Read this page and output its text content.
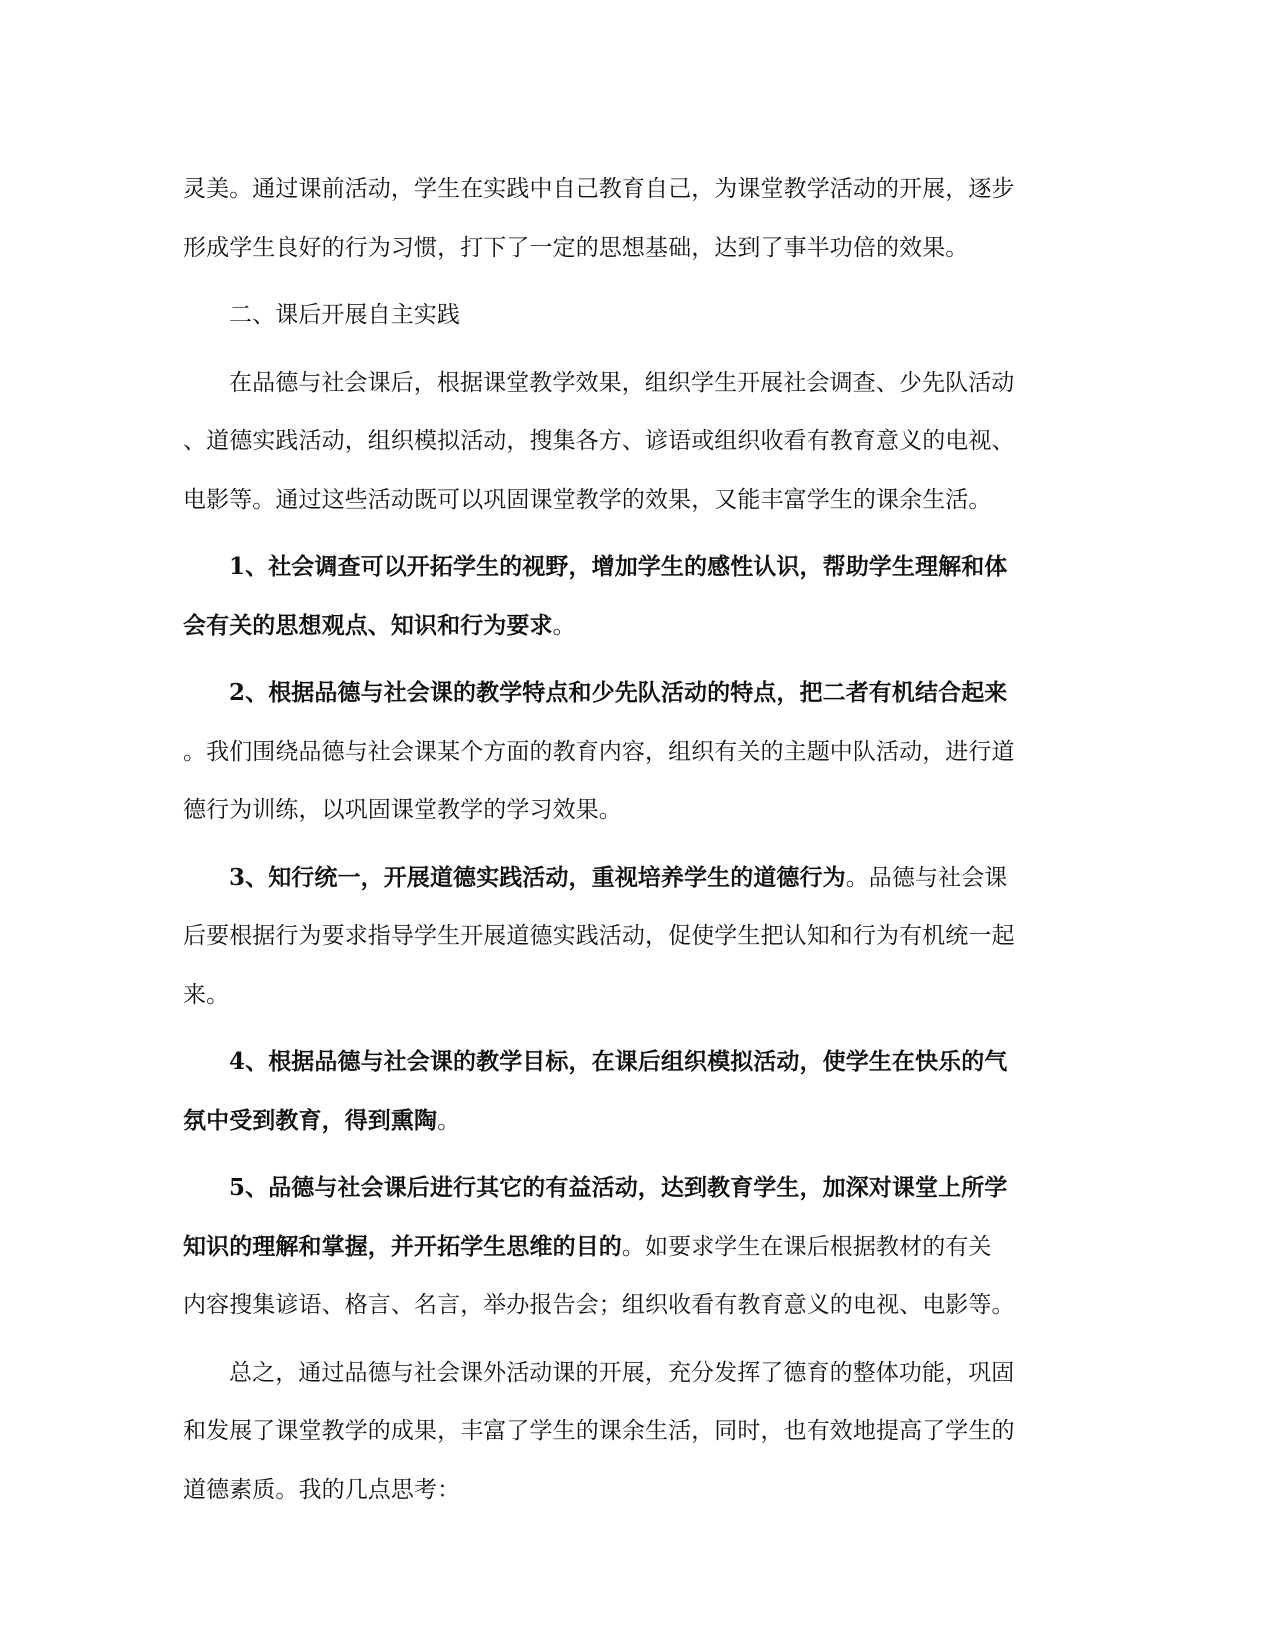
灵美。通过课前活动，学生在实践中自己教育自己，为课堂教学活动的开展，逐步
形成学生良好的行为习惯，打下了一定的思想基础，达到了事半功倍的效果。
二、课后开展自主实践
在品德与社会课后，根据课堂教学效果，组织学生开展社会调查、少先队活动
、道德实践活动，组织模拟活动，搜集各方、谚语或组织收看有教育意义的电视、
电影等。通过这些活动既可以巩固课堂教学的效果，又能丰富学生的课余生活。
1、社会调查可以开拓学生的视野，增加学生的感性认识，帮助学生理解和体
会有关的思想观点、知识和行为要求。
2、根据品德与社会课的教学特点和少先队活动的特点，把二者有机结合起来
。我们围绕品德与社会课某个方面的教育内容，组织有关的主题中队活动，进行道
德行为训练，以巩固课堂教学的学习效果。
3、知行统一，开展道德实践活动，重视培养学生的道德行为。品德与社会课
后要根据行为要求指导学生开展道德实践活动，促使学生把认知和行为有机统一起
来。
4、根据品德与社会课的教学目标，在课后组织模拟活动，使学生在快乐的气
氛中受到教育，得到熏陶。
5、品德与社会课后进行其它的有益活动，达到教育学生，加深对课堂上所学
知识的理解和掌握，并开拓学生思维的目的。如要求学生在课后根据教材的有关
内容搜集谚语、格言、名言，举办报告会；组织收看有教育意义的电视、电影等。
总之，通过品德与社会课外活动课的开展，充分发挥了德育的整体功能，巩固
和发展了课堂教学的成果，丰富了学生的课余生活，同时，也有效地提高了学生的
道德素质。我的几点思考：
